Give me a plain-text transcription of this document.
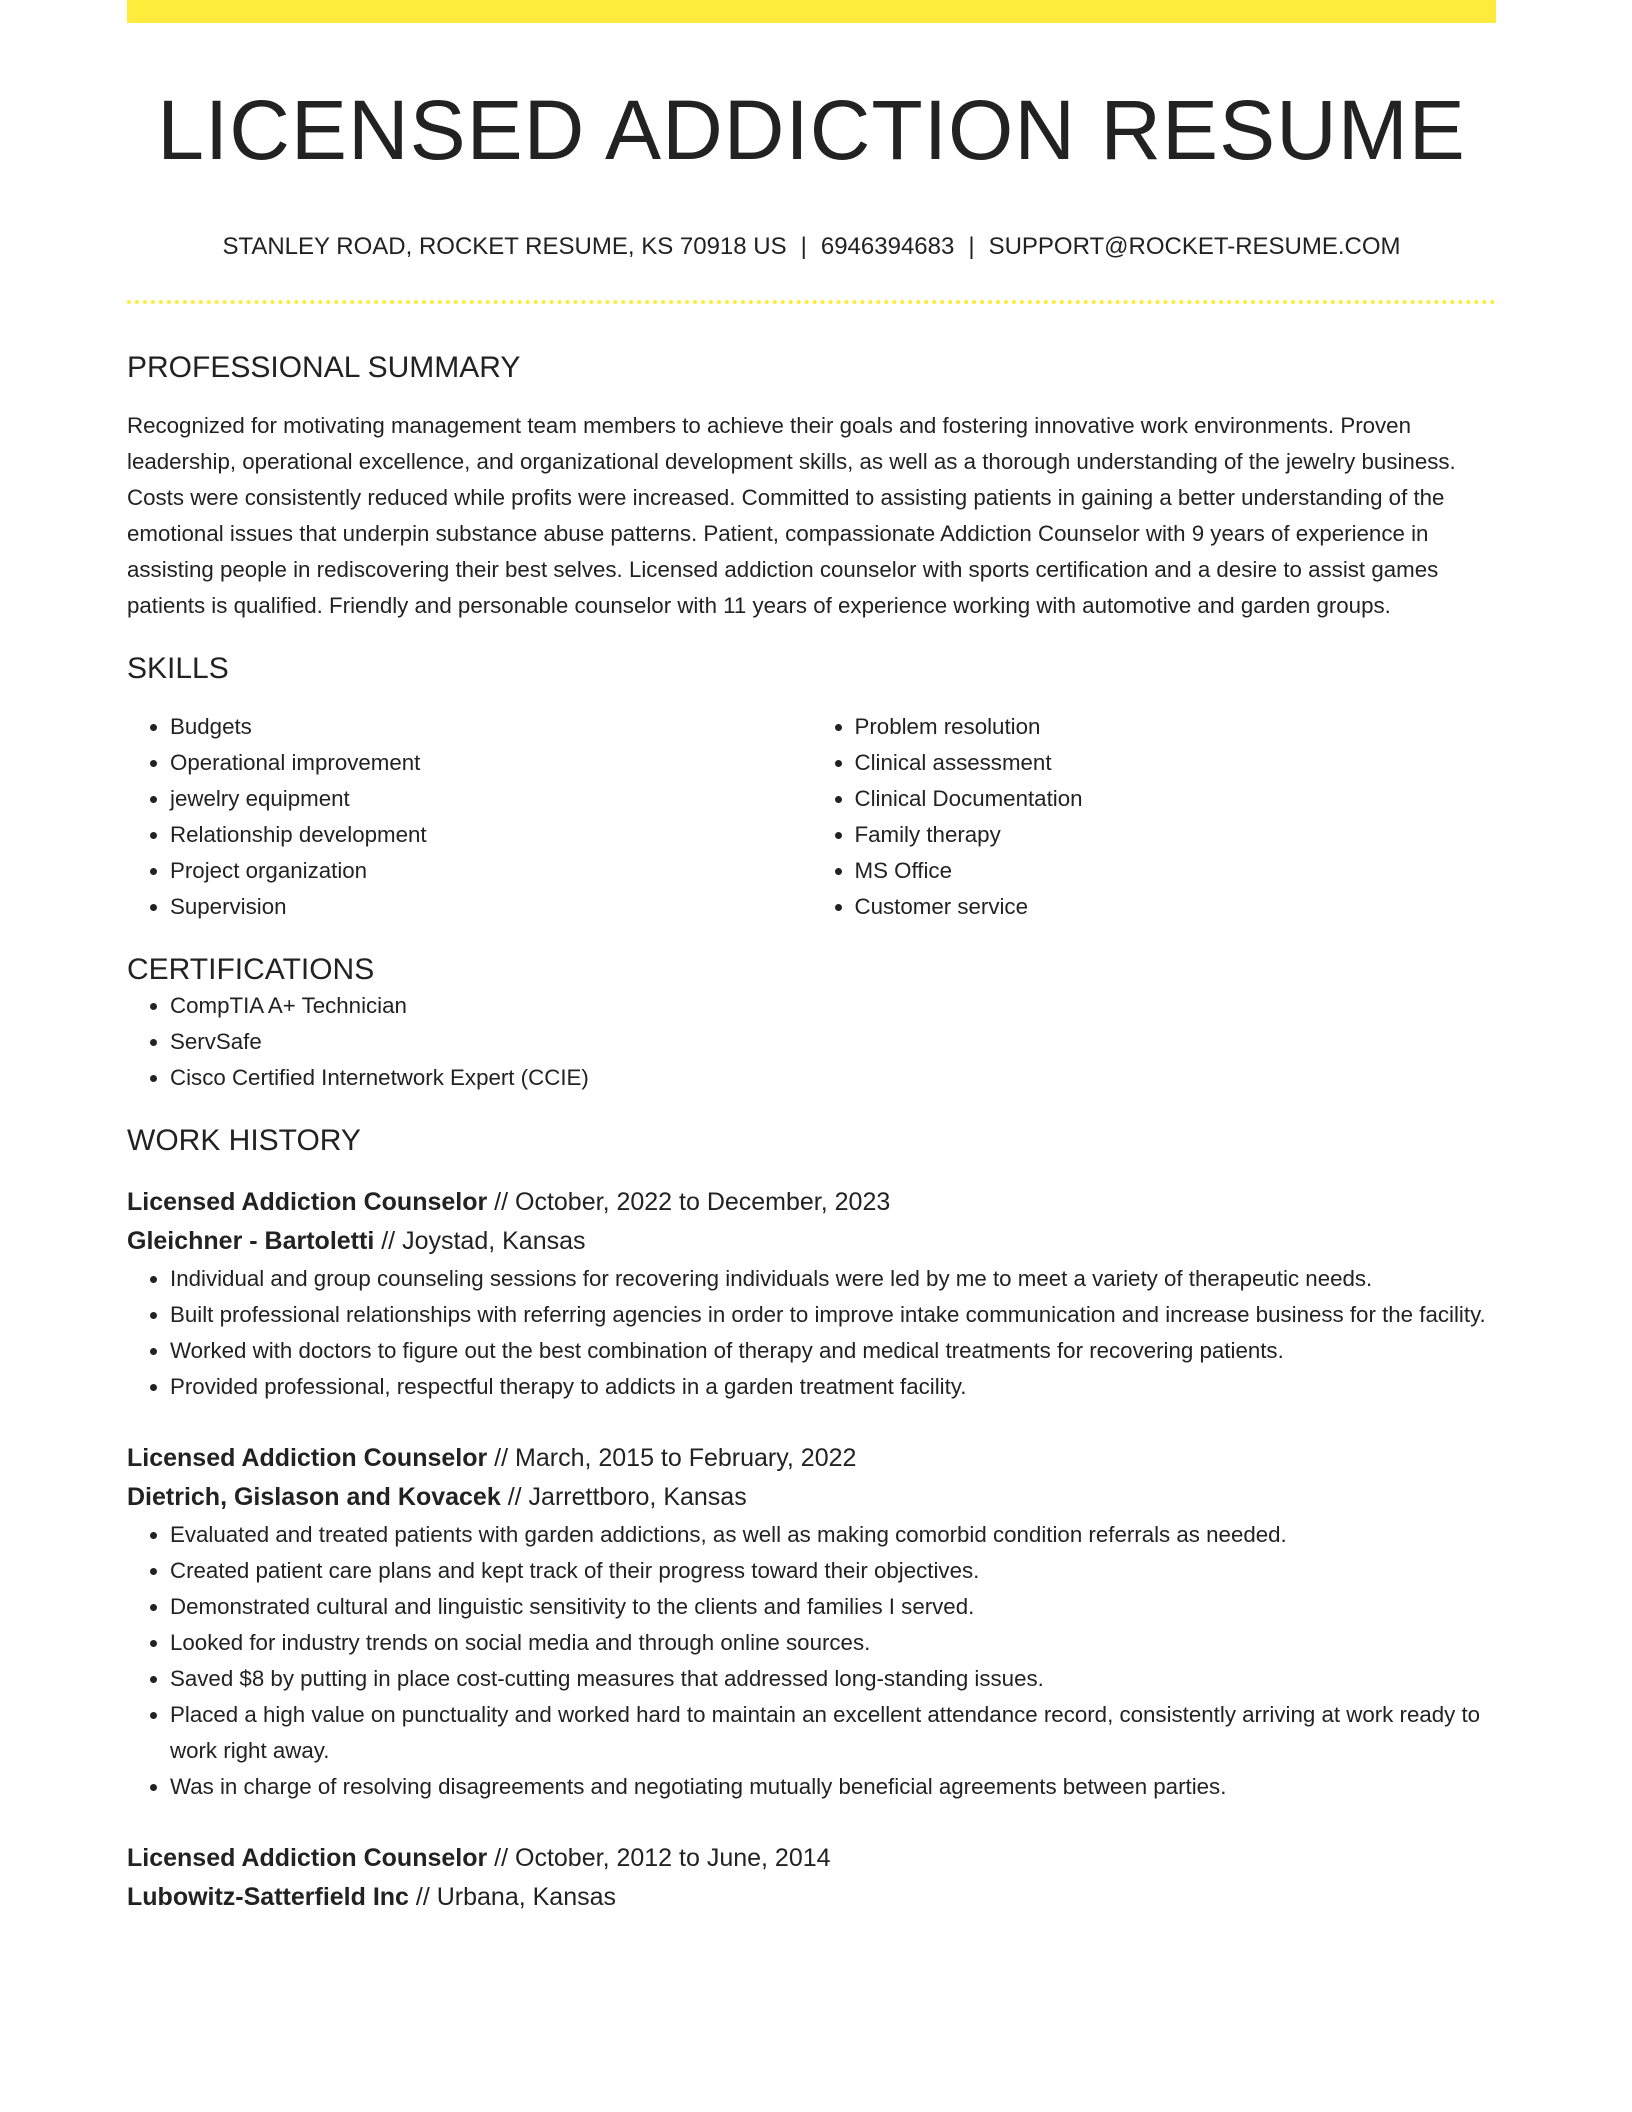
LICENSED ADDICTION RESUME
STANLEY ROAD, ROCKET RESUME, KS 70918 US | 6946394683 | SUPPORT@ROCKET-RESUME.COM
PROFESSIONAL SUMMARY
Recognized for motivating management team members to achieve their goals and fostering innovative work environments. Proven leadership, operational excellence, and organizational development skills, as well as a thorough understanding of the jewelry business. Costs were consistently reduced while profits were increased. Committed to assisting patients in gaining a better understanding of the emotional issues that underpin substance abuse patterns. Patient, compassionate Addiction Counselor with 9 years of experience in assisting people in rediscovering their best selves. Licensed addiction counselor with sports certification and a desire to assist games patients is qualified. Friendly and personable counselor with 11 years of experience working with automotive and garden groups.
SKILLS
• Budgets
• Operational improvement
• jewelry equipment
• Relationship development
• Project organization
• Supervision
• Problem resolution
• Clinical assessment
• Clinical Documentation
• Family therapy
• MS Office
• Customer service
CERTIFICATIONS
• CompTIA A+ Technician
• ServSafe
• Cisco Certified Internetwork Expert (CCIE)
WORK HISTORY
Licensed Addiction Counselor // October, 2022 to December, 2023
Gleichner - Bartoletti // Joystad, Kansas
• Individual and group counseling sessions for recovering individuals were led by me to meet a variety of therapeutic needs.
• Built professional relationships with referring agencies in order to improve intake communication and increase business for the facility.
• Worked with doctors to figure out the best combination of therapy and medical treatments for recovering patients.
• Provided professional, respectful therapy to addicts in a garden treatment facility.
Licensed Addiction Counselor // March, 2015 to February, 2022
Dietrich, Gislason and Kovacek // Jarrettboro, Kansas
• Evaluated and treated patients with garden addictions, as well as making comorbid condition referrals as needed.
• Created patient care plans and kept track of their progress toward their objectives.
• Demonstrated cultural and linguistic sensitivity to the clients and families I served.
• Looked for industry trends on social media and through online sources.
• Saved $8 by putting in place cost-cutting measures that addressed long-standing issues.
• Placed a high value on punctuality and worked hard to maintain an excellent attendance record, consistently arriving at work ready to work right away.
• Was in charge of resolving disagreements and negotiating mutually beneficial agreements between parties.
Licensed Addiction Counselor // October, 2012 to June, 2014
Lubowitz-Satterfield Inc // Urbana, Kansas
